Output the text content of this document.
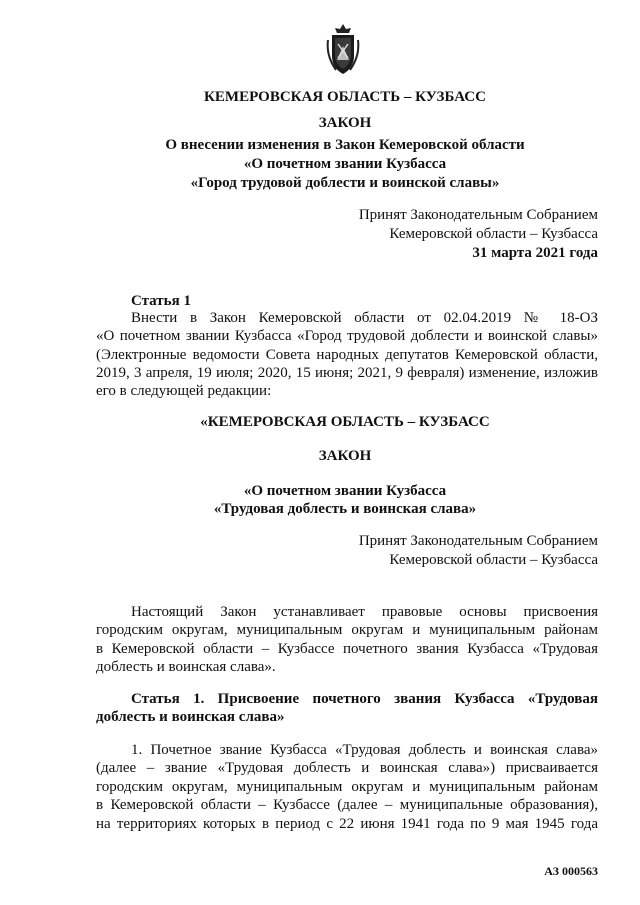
КЕМЕРОВСКАЯ ОБЛАСТЬ – КУЗБАСС
ЗАКОН
О внесении изменения в Закон Кемеровской области
«О почетном звании Кузбасса
«Город трудовой доблести и воинской славы»
Принят Законодательным Собранием
Кемеровской области – Кузбасса
31 марта 2021 года
Статья 1
Внести в Закон Кемеровской области от 02.04.2019 № 18-ОЗ
«О почетном звании Кузбасса «Город трудовой доблести и воинской славы»
(Электронные ведомости Совета народных депутатов Кемеровской области,
2019, 3 апреля, 19 июля; 2020, 15 июня; 2021, 9 февраля) изменение, изложив
его в следующей редакции:
«КЕМЕРОВСКАЯ ОБЛАСТЬ – КУЗБАСС
ЗАКОН
«О почетном звании Кузбасса
«Трудовая доблесть и воинская слава»
Принят Законодательным Собранием
Кемеровской области – Кузбасса
Настоящий Закон устанавливает правовые основы присвоения
городским округам, муниципальным округам и муниципальным районам
в Кемеровской области – Кузбассе почетного звания Кузбасса «Трудовая
доблесть и воинская слава».
Статья 1. Присвоение почетного звания Кузбасса «Трудовая
доблесть и воинская слава»
1. Почетное звание Кузбасса «Трудовая доблесть и воинская слава»
(далее – звание «Трудовая доблесть и воинская слава») присваивается
городским округам, муниципальным округам и муниципальным районам
в Кемеровской области – Кузбассе (далее – муниципальные образования),
на территориях которых в период с 22 июня 1941 года по 9 мая 1945 года
АЗ 000563
